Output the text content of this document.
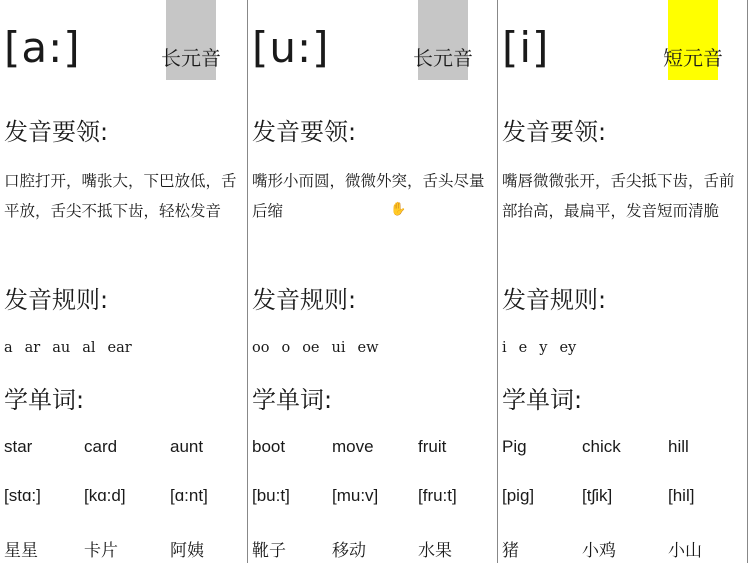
[a:]	长元音
发音要领:
口腔打开，嘴张大，下巴放低，舌平放，舌尖不抵下齿，轻松发音
发音规则:
a ar au al ear
学单词:
star	card	aunt
[stɑ:]	[kɑ:d]	[ɑ:nt]
星星	卡片	阿姨
[u:]	长元音
发音要领:
嘴形小而圆，微微外突，舌头尽量后缩
发音规则:
oo o oe ui ew
学单词:
boot	move	fruit
[bu:t] [mu:v] [fru:t]
靴子	移动	水果
[i]	短元音
发音要领:
嘴唇微微张开，舌尖抵下齿，舌前部抬高，最扁平，发音短而清脆
发音规则:
i e y ey
学单词:
Pig	chick	hill
[pig]	[tʃik]	[hil]
猪	小鸡	小山
✋
